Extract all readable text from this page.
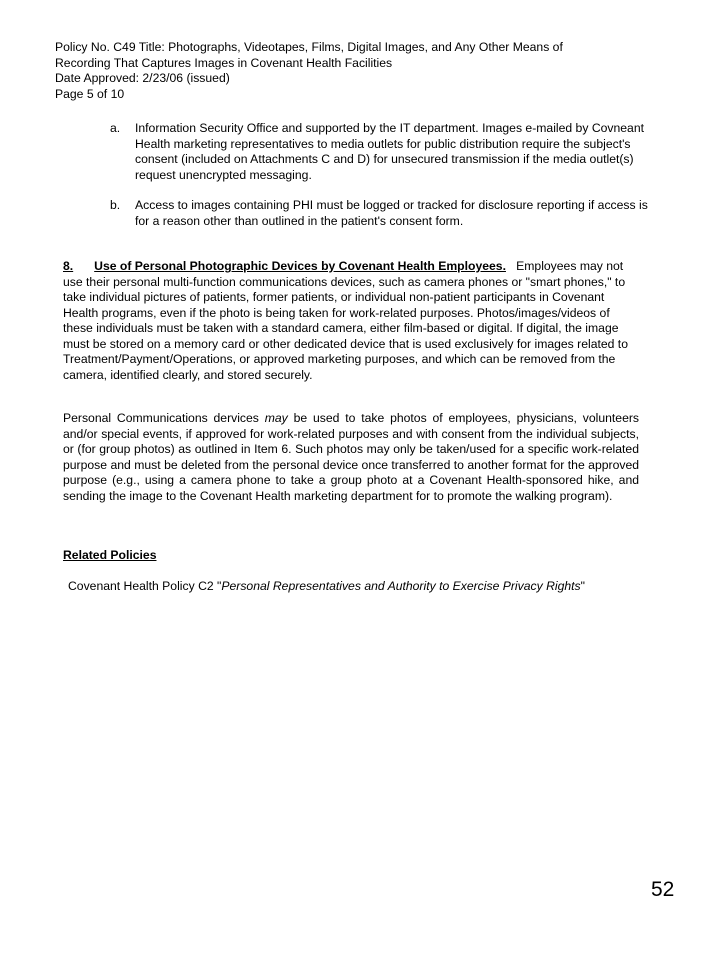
Policy No. C49 Title: Photographs, Videotapes, Films, Digital Images, and Any Other Means of
Recording That Captures Images in Covenant Health Facilities
Date Approved: 2/23/06 (issued)
Page 5 of 10
a. Information Security Office and supported by the IT department. Images e-mailed by Covneant Health marketing representatives to media outlets for public distribution require the subject's consent (included on Attachments C and D) for unsecured transmission if the media outlet(s) request unencrypted messaging.
b. Access to images containing PHI must be logged or tracked for disclosure reporting if access is for a reason other than outlined in the patient's consent form.
8. Use of Personal Photographic Devices by Covenant Health Employees. Employees may not use their personal multi-function communications devices, such as camera phones or "smart phones," to take individual pictures of patients, former patients, or individual non-patient participants in Covenant Health programs, even if the photo is being taken for work-related purposes. Photos/images/videos of these individuals must be taken with a standard camera, either film-based or digital. If digital, the image must be stored on a memory card or other dedicated device that is used exclusively for images related to Treatment/Payment/Operations, or approved marketing purposes, and which can be removed from the camera, identified clearly, and stored securely.
Personal Communications dervices may be used to take photos of employees, physicians, volunteers and/or special events, if approved for work-related purposes and with consent from the individual subjects, or (for group photos) as outlined in Item 6. Such photos may only be taken/used for a specific work-related purpose and must be deleted from the personal device once transferred to another format for the approved purpose (e.g., using a camera phone to take a group photo at a Covenant Health-sponsored hike, and sending the image to the Covenant Health marketing department for to promote the walking program).
Related Policies
Covenant Health Policy C2 "Personal Representatives and Authority to Exercise Privacy Rights"
52
